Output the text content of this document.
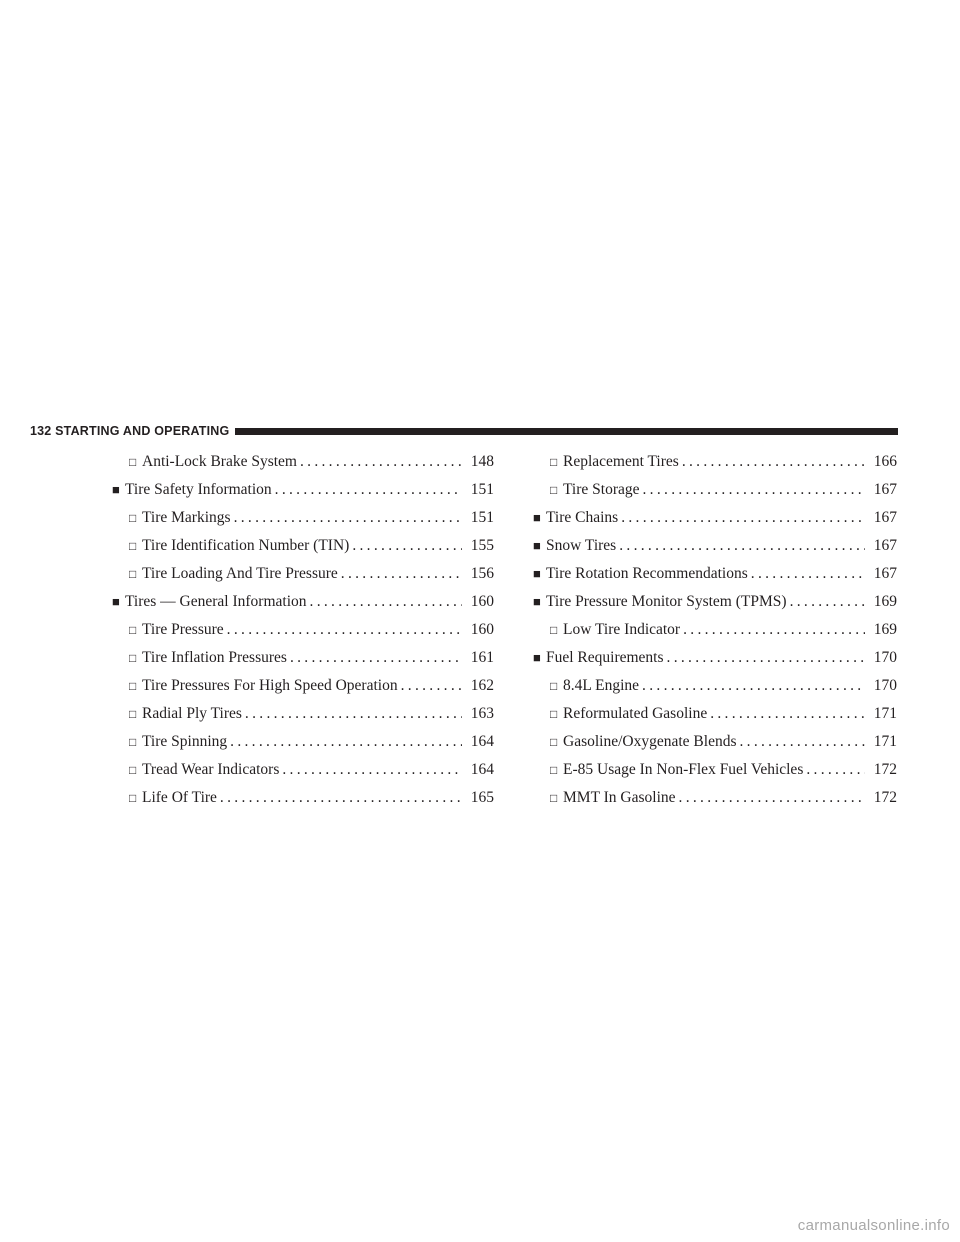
132 STARTING AND OPERATING
□ Anti-Lock Brake System .....	148
■ Tire Safety Information .....	151
□ Tire Markings .....	151
□ Tire Identification Number (TIN) .....	155
□ Tire Loading And Tire Pressure .....	156
■ Tires — General Information .....	160
□ Tire Pressure .....	160
□ Tire Inflation Pressures .....	161
□ Tire Pressures For High Speed Operation .....	162
□ Radial Ply Tires .....	163
□ Tire Spinning .....	164
□ Tread Wear Indicators .....	164
□ Life Of Tire .....	165
□ Replacement Tires .....	166
□ Tire Storage .....	167
■ Tire Chains .....	167
■ Snow Tires .....	167
■ Tire Rotation Recommendations .....	167
■ Tire Pressure Monitor System (TPMS) .....	169
□ Low Tire Indicator .....	169
■ Fuel Requirements .....	170
□ 8.4L Engine .....	170
□ Reformulated Gasoline .....	171
□ Gasoline/Oxygenate Blends .....	171
□ E-85 Usage In Non-Flex Fuel Vehicles .....	172
□ MMT In Gasoline .....	172
carmanualsonline.info
